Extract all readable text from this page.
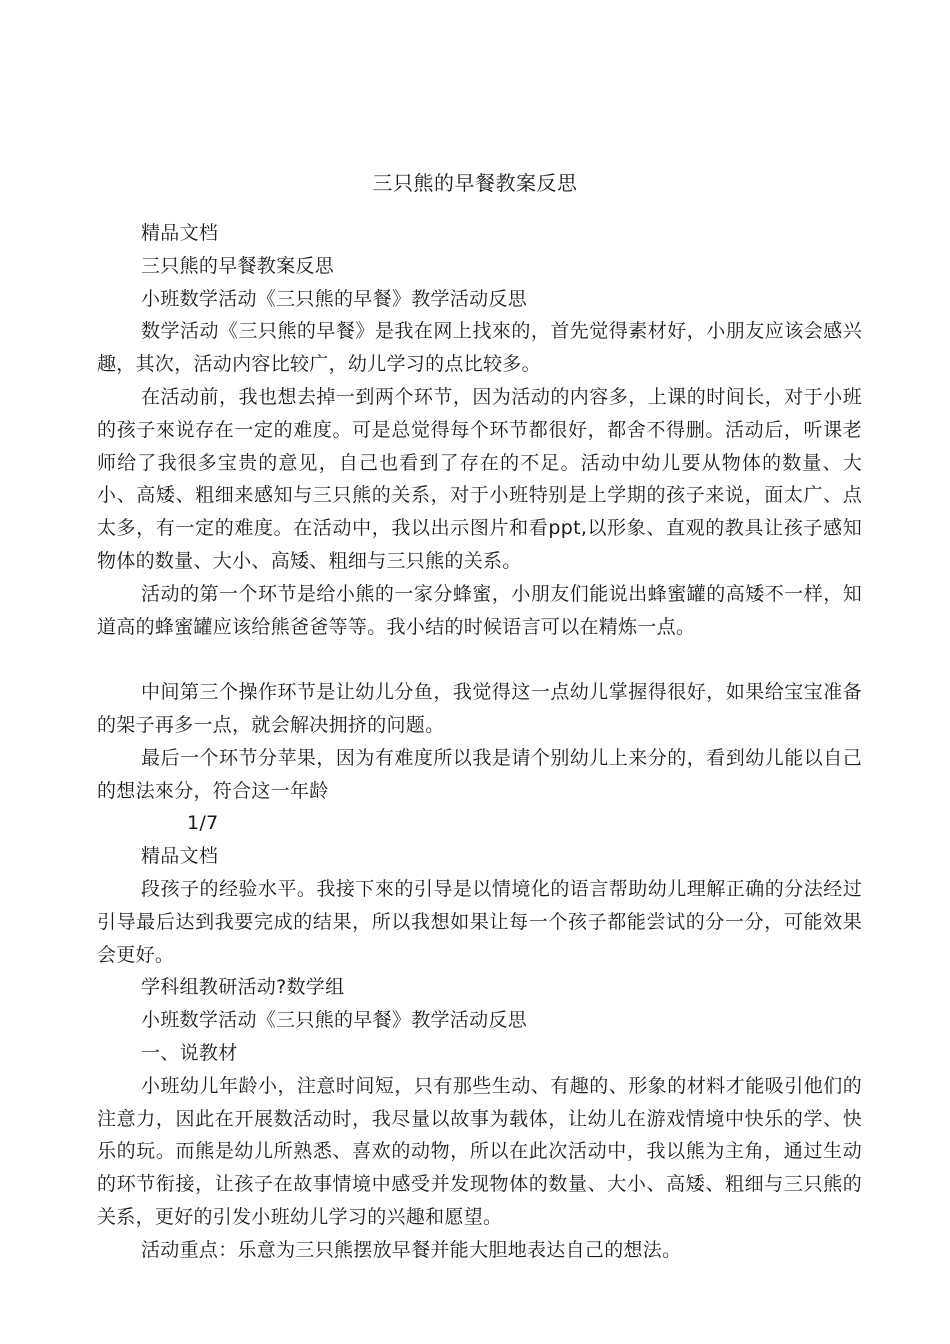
三只熊的早餐教案反思

精品文档

三只熊的早餐教案反思

小班数学活动《三只熊的早餐》教学活动反思

数学活动《三只熊的早餐》是我在网上找來的，首先觉得素材好，小朋友应该会感兴趣，其次，活动内容比较广，幼儿学习的点比较多。

在活动前，我也想去掉一到两个环节，因为活动的内容多，上课的时间长，对于小班的孩子來说存在一定的难度。可是总觉得每个环节都很好，都舍不得删。活动后，听课老师给了我很多宝贵的意见，自己也看到了存在的不足。活动中幼儿要从物体的数量、大小、高矮、粗细来感知与三只熊的关系，对于小班特别是上学期的孩子来说，面太广、点太多，有一定的难度。在活动中，我以出示图片和看ppt,以形象、直观的教具让孩子感知物体的数量、大小、高矮、粗细与三只熊的关系。

活动的第一个环节是给小熊的一家分蜂蜜，小朋友们能说出蜂蜜罐的高矮不一样，知道高的蜂蜜罐应该给熊爸爸等等。我小结的时候语言可以在精炼一点。

中间第三个操作环节是让幼儿分鱼，我觉得这一点幼儿掌握得很好，如果给宝宝准备的架子再多一点，就会解决拥挤的问题。

最后一个环节分苹果，因为有难度所以我是请个别幼儿上来分的，看到幼儿能以自己的想法來分，符合这一年龄

1/7

精品文档

段孩子的经验水平。我接下來的引导是以情境化的语言帮助幼儿理解正确的分法经过引导最后达到我要完成的结果，所以我想如果让每一个孩子都能尝试的分一分，可能效果会更好。

学科组教研活动?数学组

小班数学活动《三只熊的早餐》教学活动反思

一、说教材

小班幼儿年龄小，注意时间短，只有那些生动、有趣的、形象的材料才能吸引他们的注意力，因此在开展数活动时，我尽量以故事为载体，让幼儿在游戏情境中快乐的学、快乐的玩。而熊是幼儿所熟悉、喜欢的动物，所以在此次活动中，我以熊为主角，通过生动的环节衔接，让孩子在故事情境中感受并发现物体的数量、大小、高矮、粗细与三只熊的关系，更好的引发小班幼儿学习的兴趣和愿望。

活动重点：乐意为三只熊摆放早餐并能大胆地表达自己的想法。
